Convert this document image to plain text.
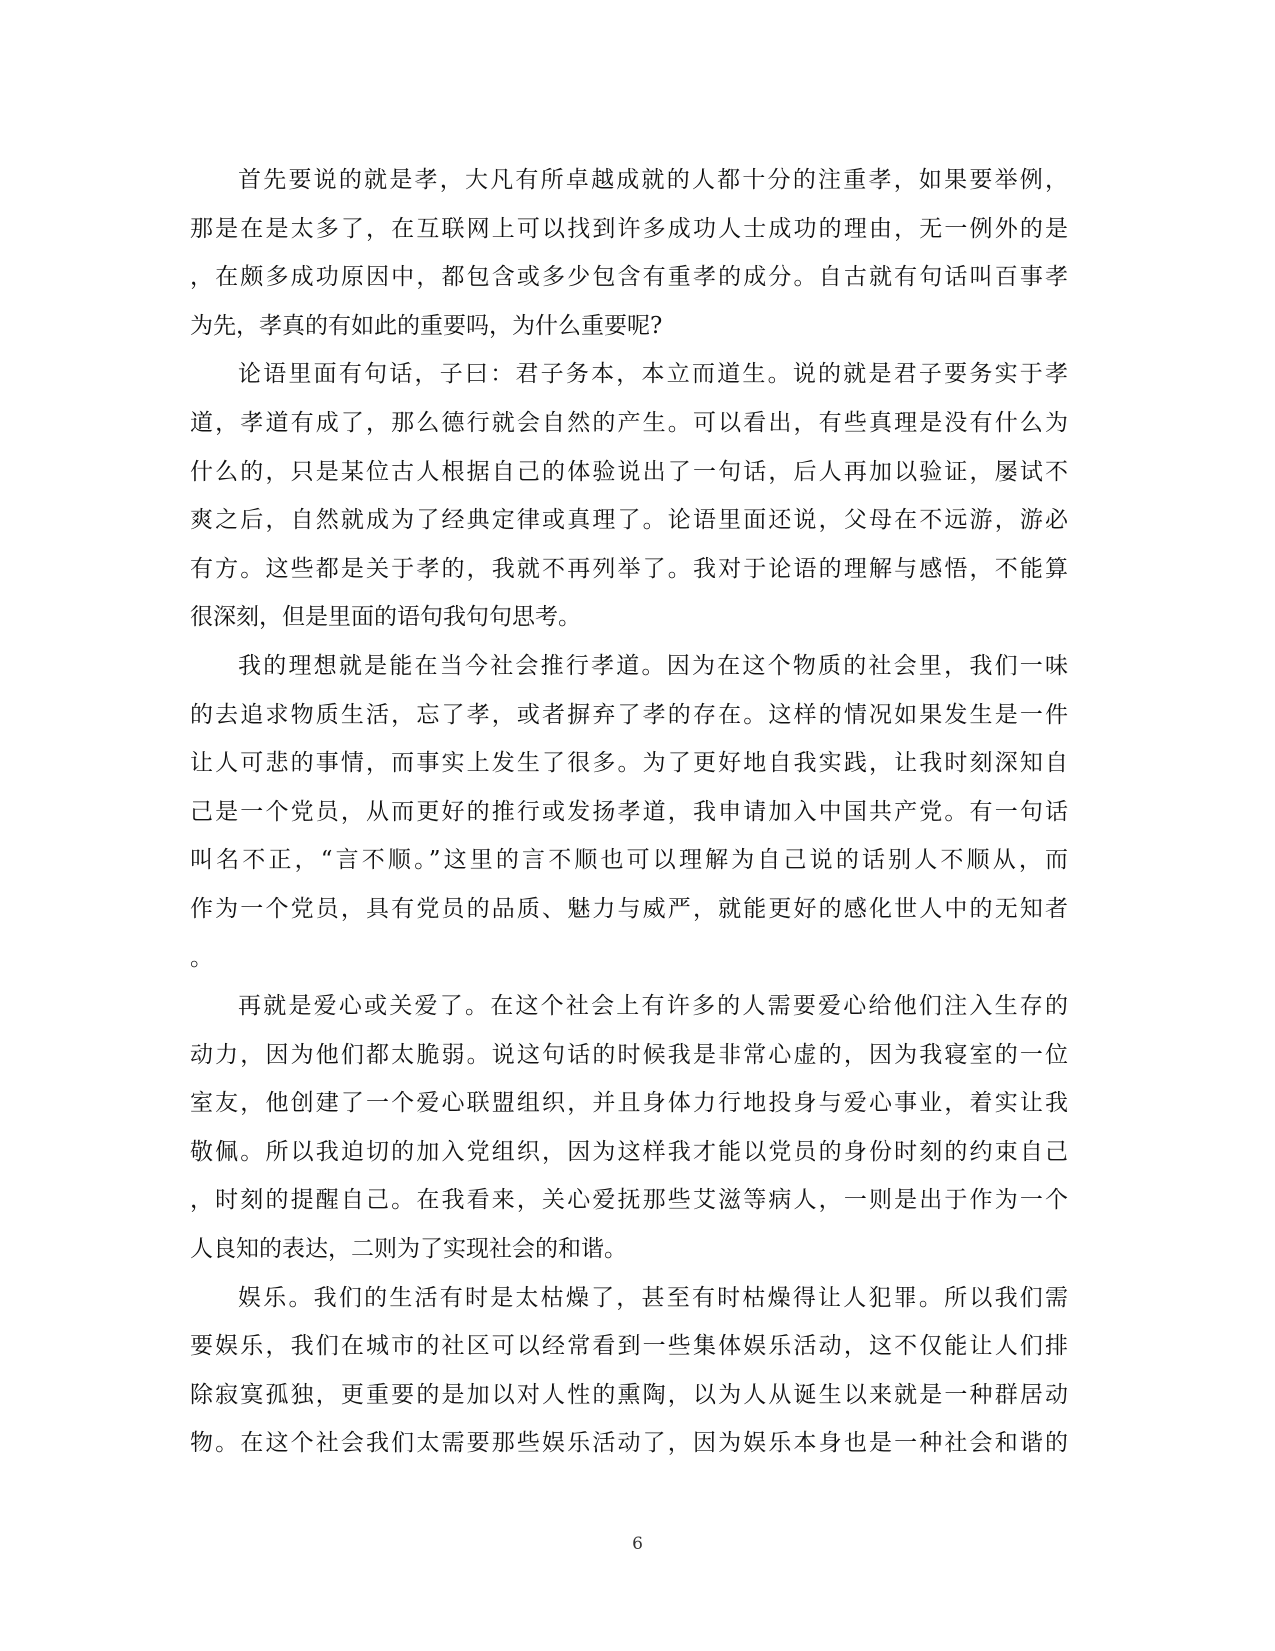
首先要说的就是孝，大凡有所卓越成就的人都十分的注重孝，如果要举例，
那是在是太多了，在互联网上可以找到许多成功人士成功的理由，无一例外的是
，在颇多成功原因中，都包含或多少包含有重孝的成分。自古就有句话叫百事孝
为先，孝真的有如此的重要吗，为什么重要呢?
论语里面有句话，子曰：君子务本，本立而道生。说的就是君子要务实于孝
道，孝道有成了，那么德行就会自然的产生。可以看出，有些真理是没有什么为
什么的，只是某位古人根据自己的体验说出了一句话，后人再加以验证，屡试不
爽之后，自然就成为了经典定律或真理了。论语里面还说，父母在不远游，游必
有方。这些都是关于孝的，我就不再列举了。我对于论语的理解与感悟，不能算
很深刻，但是里面的语句我句句思考。
我的理想就是能在当今社会推行孝道。因为在这个物质的社会里，我们一味
的去追求物质生活，忘了孝，或者摒弃了孝的存在。这样的情况如果发生是一件
让人可悲的事情，而事实上发生了很多。为了更好地自我实践，让我时刻深知自
己是一个党员，从而更好的推行或发扬孝道，我申请加入中国共产党。有一句话
叫名不正，“言不顺。”这里的言不顺也可以理解为自己说的话别人不顺从，而
作为一个党员，具有党员的品质、魅力与威严，就能更好的感化世人中的无知者
。
再就是爱心或关爱了。在这个社会上有许多的人需要爱心给他们注入生存的
动力，因为他们都太脆弱。说这句话的时候我是非常心虚的，因为我寝室的一位
室友，他创建了一个爱心联盟组织，并且身体力行地投身与爱心事业，着实让我
敬佩。所以我迫切的加入党组织，因为这样我才能以党员的身份时刻的约束自己
，时刻的提醒自己。在我看来，关心爱抚那些艾滋等病人，一则是出于作为一个
人良知的表达，二则为了实现社会的和谐。
娱乐。我们的生活有时是太枯燥了，甚至有时枯燥得让人犯罪。所以我们需
要娱乐，我们在城市的社区可以经常看到一些集体娱乐活动，这不仅能让人们排
除寂寞孤独，更重要的是加以对人性的熏陶，以为人从诞生以来就是一种群居动
物。在这个社会我们太需要那些娱乐活动了，因为娱乐本身也是一种社会和谐的
6
